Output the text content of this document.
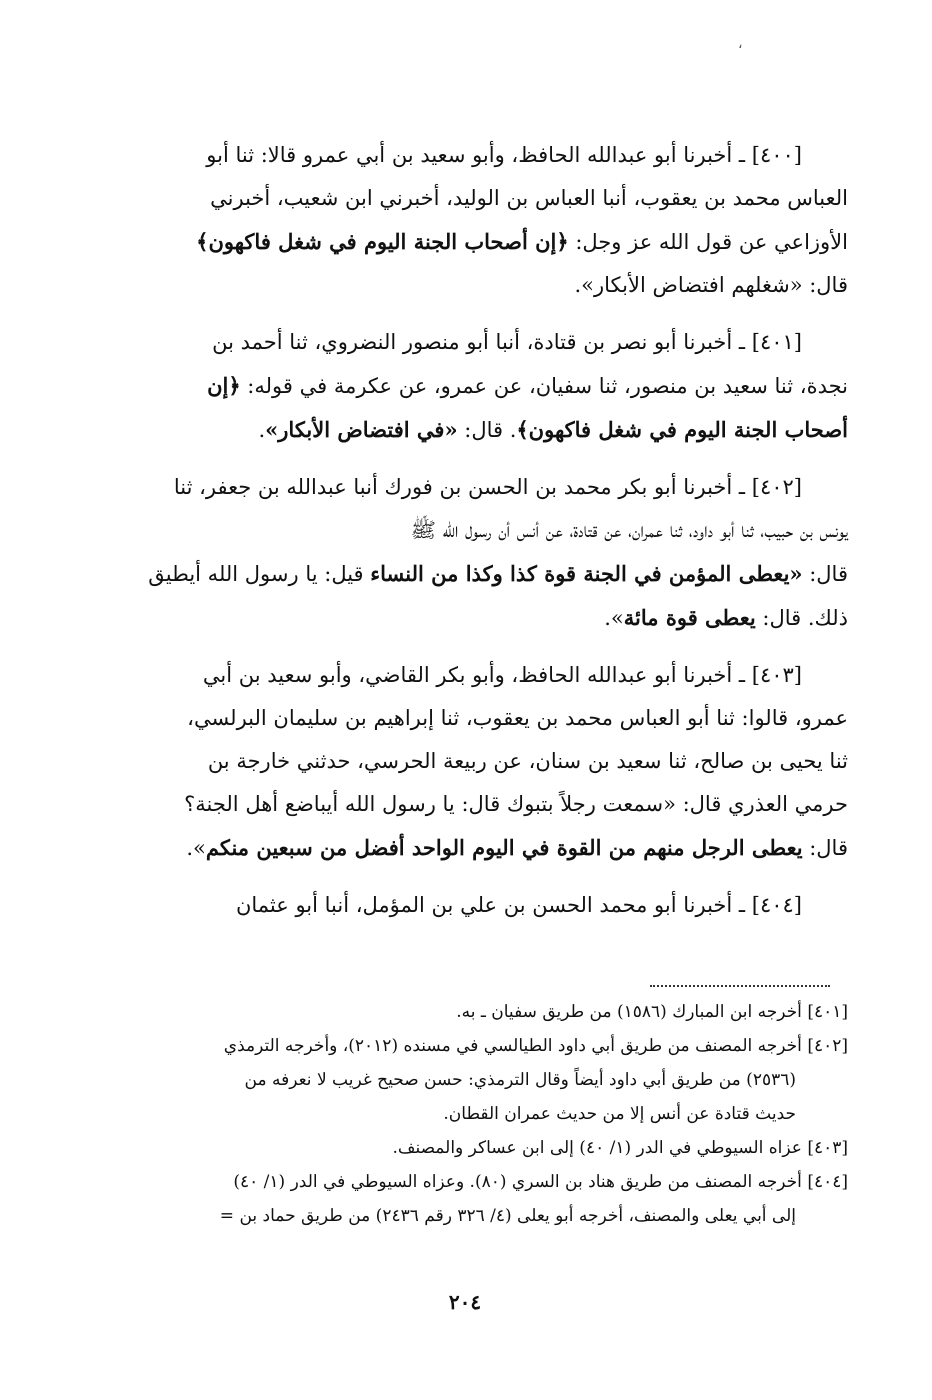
،
[٤٠٠] ـ أخبرنا أبو عبدالله الحافظ، وأبو سعيد بن أبي عمرو قالا: ثنا أبو
العباس محمد بن يعقوب، أنبا العباس بن الوليد، أخبرني ابن شعيب، أخبرني
الأوزاعي عن قول الله عز وجل: ﴿إن أصحاب الجنة اليوم في شغل فاكهون﴾
قال: «شغلهم افتضاض الأبكار».
[٤٠١] ـ أخبرنا أبو نصر بن قتادة، أنبا أبو منصور النضروي، ثنا أحمد بن
نجدة، ثنا سعيد بن منصور، ثنا سفيان، عن عمرو، عن عكرمة في قوله: ﴿إن
أصحاب الجنة اليوم في شغل فاكهون﴾. قال: «في افتضاض الأبكار».
[٤٠٢] ـ أخبرنا أبو بكر محمد بن الحسن بن فورك أنبا عبدالله بن جعفر، ثنا
يونس بن حبيب، ثنا أبو داود، ثنا عمران، عن قتادة، عن أنس أن رسول الله ﷺ
قال: «يعطى المؤمن في الجنة قوة كذا وكذا من النساء قيل: يا رسول الله أيطيق
ذلك. قال: يعطى قوة مائة».
[٤٠٣] ـ أخبرنا أبو عبدالله الحافظ، وأبو بكر القاضي، وأبو سعيد بن أبي
عمرو، قالوا: ثنا أبو العباس محمد بن يعقوب، ثنا إبراهيم بن سليمان البرلسي،
ثنا يحيى بن صالح، ثنا سعيد بن سنان، عن ربيعة الحرسي، حدثني خارجة بن
حرمي العذري قال: «سمعت رجلاً بتبوك قال: يا رسول الله أيباضع أهل الجنة؟
قال: يعطى الرجل منهم من القوة في اليوم الواحد أفضل من سبعين منكم».
[٤٠٤] ـ أخبرنا أبو محمد الحسن بن علي بن المؤمل، أنبا أبو عثمان
[٤٠١] أخرجه ابن المبارك (١٥٨٦) من طريق سفيان ـ به.
[٤٠٢] أخرجه المصنف من طريق أبي داود الطيالسي في مسنده (٢٠١٢)، وأخرجه الترمذي
(٢٥٣٦) من طريق أبي داود أيضاً وقال الترمذي: حسن صحيح غريب لا نعرفه من
حديث قتادة عن أنس إلا من حديث عمران القطان.
[٤٠٣] عزاه السيوطي في الدر (١/ ٤٠) إلى ابن عساكر والمصنف.
[٤٠٤] أخرجه المصنف من طريق هناد بن السري (٨٠). وعزاه السيوطي في الدر (١/ ٤٠)
إلى أبي يعلى والمصنف، أخرجه أبو يعلى (٤/ ٣٢٦ رقم ٢٤٣٦) من طريق حماد بن =
٢٠٤
